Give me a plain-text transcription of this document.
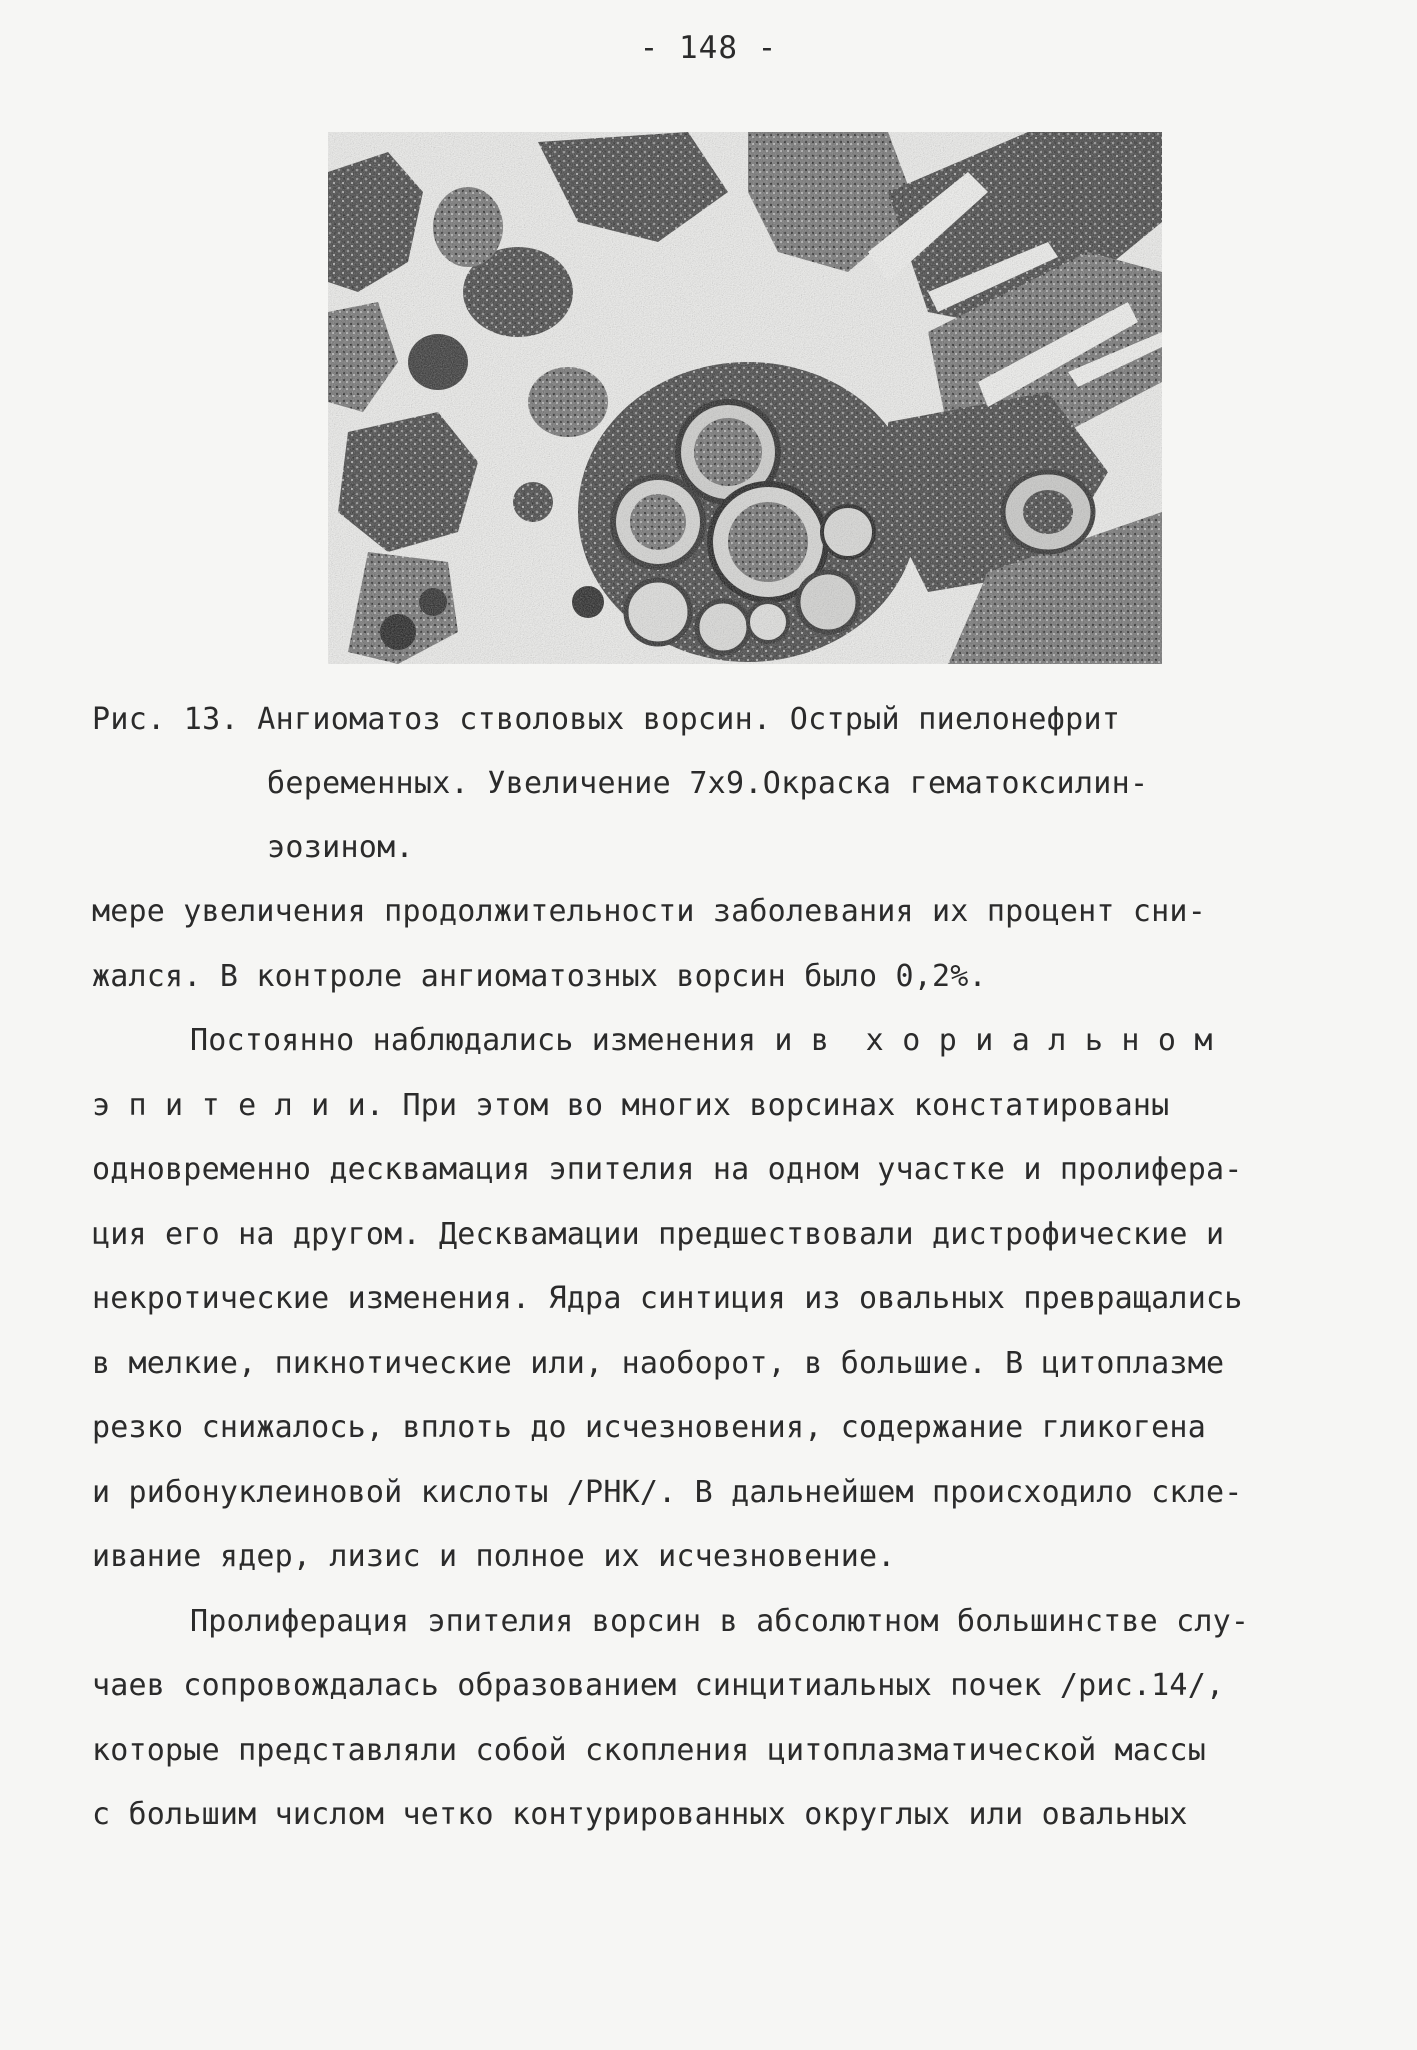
- 148 -
Рис. 13. Ангиоматоз стволовых ворсин. Острый пиелонефрит
беременных. Увеличение 7х9.Окраска гематоксилин-
эозином.
мере увеличения продолжительности заболевания их процент сни-
жался. В контроле ангиоматозных ворсин было 0,2%.
Постоянно наблюдались изменения и в  х о р и а л ь н о м
э п и т е л и и. При этом во многих ворсинах констатированы
одновременно десквамация эпителия на одном участке и пролифера-
ция его на другом. Десквамации предшествовали дистрофические и
некротические изменения. Ядра синтиция из овальных превращались
в мелкие, пикнотические или, наоборот, в большие. В цитоплазме
резко снижалось, вплоть до исчезновения, содержание гликогена
и рибонуклеиновой кислоты /РНК/. В дальнейшем происходило скле-
ивание ядер, лизис и полное их исчезновение.
Пролиферация эпителия ворсин в абсолютном большинстве слу-
чаев сопровождалась образованием синцитиальных почек /рис.14/,
которые представляли собой скопления цитоплазматической массы
с большим числом четко контурированных округлых или овальных
